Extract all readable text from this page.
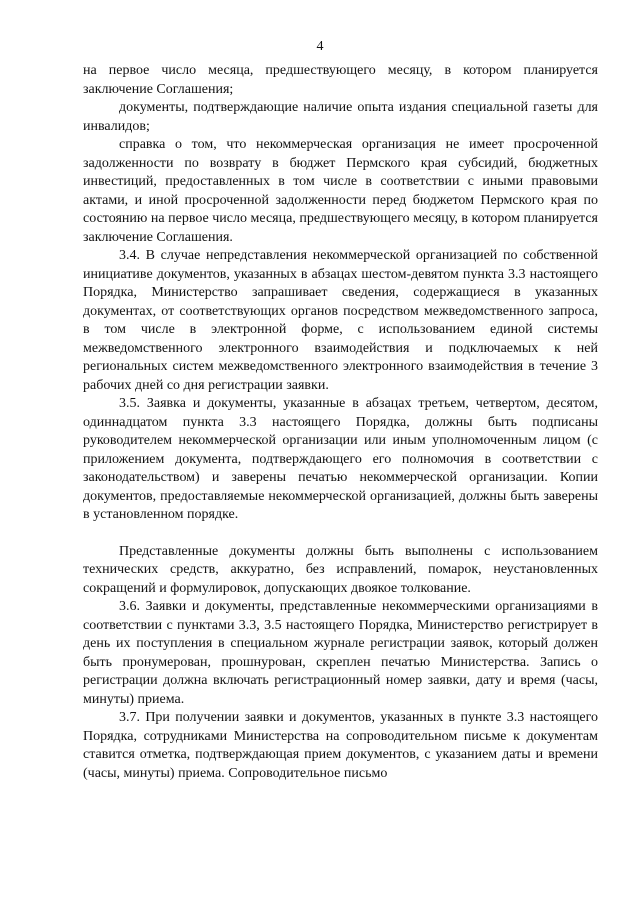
4

на первое число месяца, предшествующего месяцу, в котором планируется заключение Соглашения;

документы, подтверждающие наличие опыта издания специальной газеты для инвалидов;

справка о том, что некоммерческая организация не имеет просроченной задолженности по возврату в бюджет Пермского края субсидий, бюджетных инвестиций, предоставленных в том числе в соответствии с иными правовыми актами, и иной просроченной задолженности перед бюджетом Пермского края по состоянию на первое число месяца, предшествующего месяцу, в котором планируется заключение Соглашения.

3.4. В случае непредставления некоммерческой организацией по собственной инициативе документов, указанных в абзацах шестом-девятом пункта 3.3 настоящего Порядка, Министерство запрашивает сведения, содержащиеся в указанных документах, от соответствующих органов посредством межведомственного запроса, в том числе в электронной форме, с использованием единой системы межведомственного электронного взаимодействия и подключаемых к ней региональных систем межведомственного электронного взаимодействия в течение 3 рабочих дней со дня регистрации заявки.

3.5. Заявка и документы, указанные в абзацах третьем, четвертом, десятом, одиннадцатом пункта 3.3 настоящего Порядка, должны быть подписаны руководителем некоммерческой организации или иным уполномоченным лицом (с приложением документа, подтверждающего его полномочия в соответствии с законодательством) и заверены печатью некоммерческой организации. Копии документов, предоставляемые некоммерческой организацией, должны быть заверены в установленном порядке.

Представленные документы должны быть выполнены с использованием технических средств, аккуратно, без исправлений, помарок, неустановленных сокращений и формулировок, допускающих двоякое толкование.

3.6. Заявки и документы, представленные некоммерческими организациями в соответствии с пунктами 3.3, 3.5 настоящего Порядка, Министерство регистрирует в день их поступления в специальном журнале регистрации заявок, который должен быть пронумерован, прошнурован, скреплен печатью Министерства. Запись о регистрации должна включать регистрационный номер заявки, дату и время (часы, минуты) приема.

3.7. При получении заявки и документов, указанных в пункте 3.3 настоящего Порядка, сотрудниками Министерства на сопроводительном письме к документам ставится отметка, подтверждающая прием документов, с указанием даты и времени (часы, минуты) приема. Сопроводительное письмо
